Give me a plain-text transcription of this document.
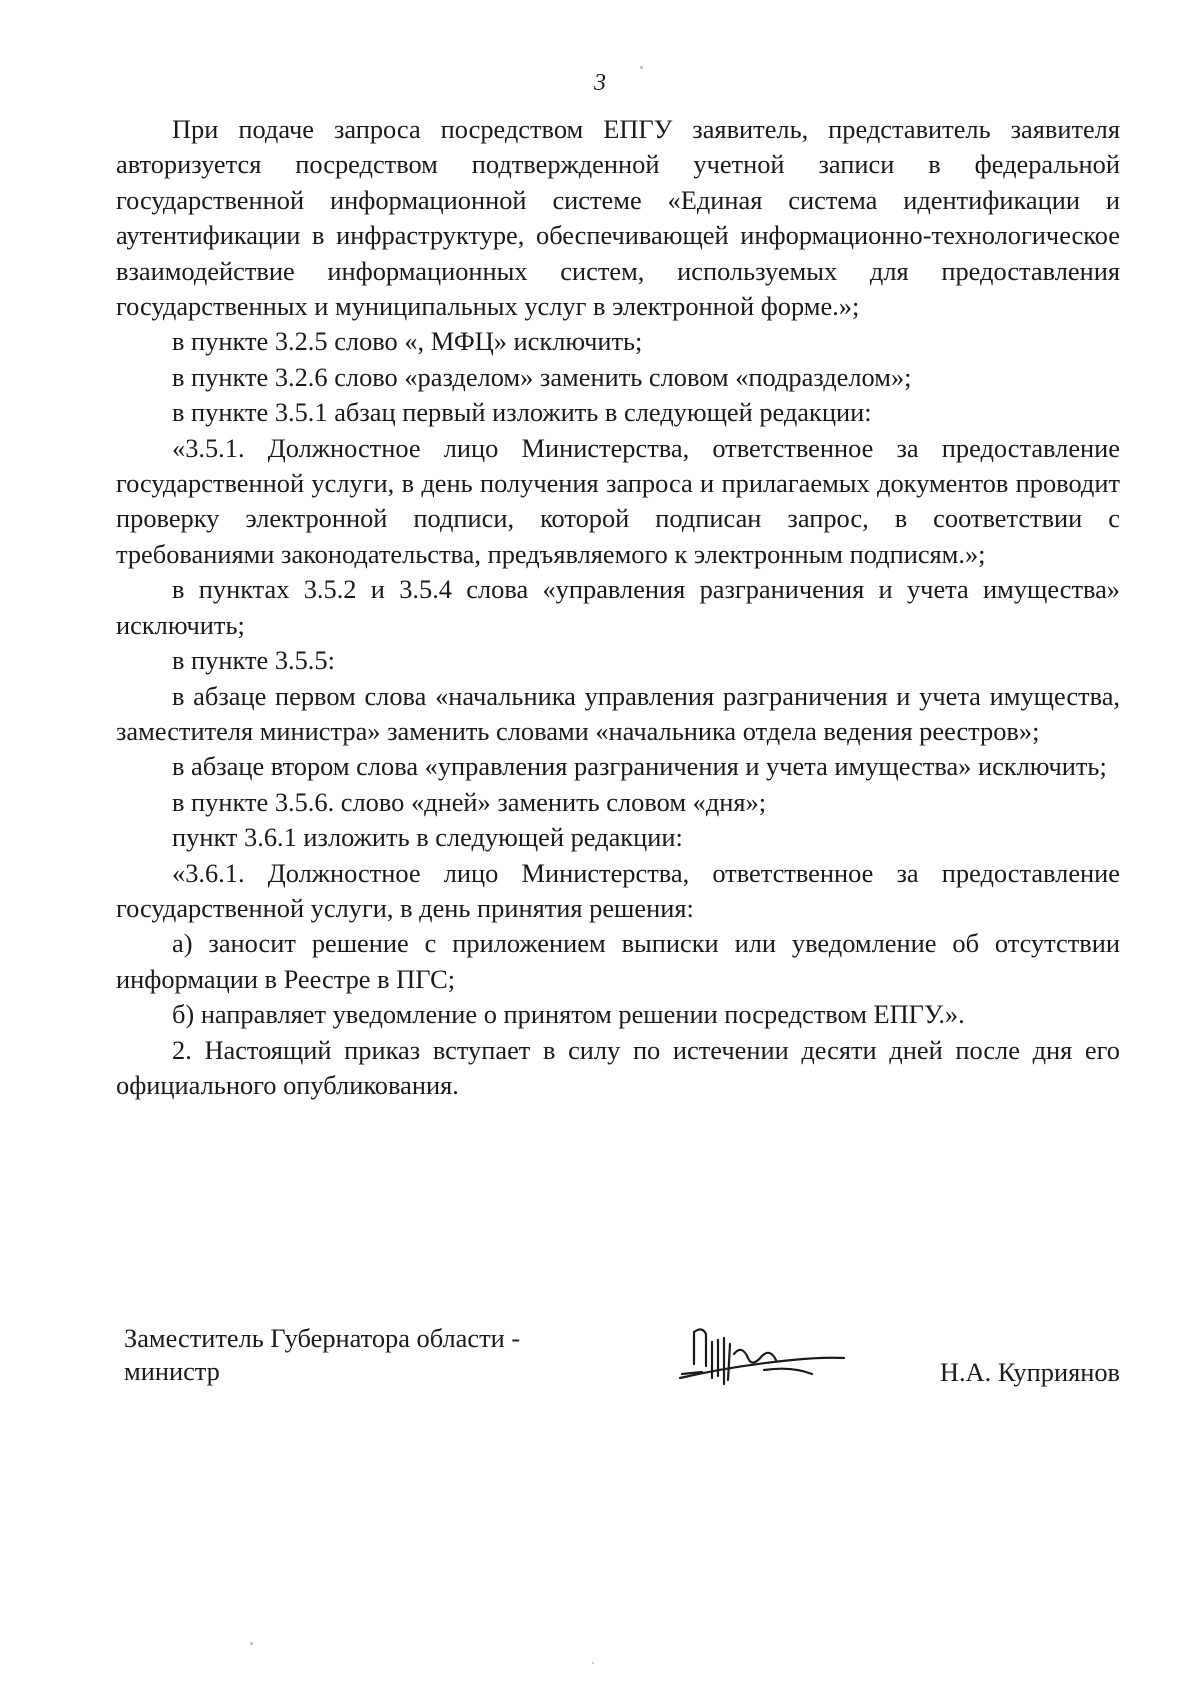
3

При подаче запроса посредством ЕПГУ заявитель, представитель заявителя авторизуется посредством подтвержденной учетной записи в федеральной государственной информационной системе «Единая система идентификации и аутентификации в инфраструктуре, обеспечивающей информационно-технологическое взаимодействие информационных систем, используемых для предоставления государственных и муниципальных услуг в электронной форме.»;

в пункте 3.2.5 слово «, МФЦ» исключить;

в пункте 3.2.6 слово «разделом» заменить словом «подразделом»;

в пункте 3.5.1 абзац первый изложить в следующей редакции:

«3.5.1. Должностное лицо Министерства, ответственное за предоставление государственной услуги, в день получения запроса и прилагаемых документов проводит проверку электронной подписи, которой подписан запрос, в соответствии с требованиями законодательства, предъявляемого к электронным подписям.»;

в пунктах 3.5.2 и 3.5.4 слова «управления разграничения и учета имущества» исключить;

в пункте 3.5.5:

в абзаце первом слова «начальника управления разграничения и учета имущества, заместителя министра» заменить словами «начальника отдела ведения реестров»;

в абзаце втором слова «управления разграничения и учета имущества» исключить;

в пункте 3.5.6. слово «дней» заменить словом «дня»;

пункт 3.6.1 изложить в следующей редакции:

«3.6.1. Должностное лицо Министерства, ответственное за предоставление государственной услуги, в день принятия решения:

а) заносит решение с приложением выписки или уведомление об отсутствии информации в Реестре в ПГС;

б) направляет уведомление о принятом решении посредством ЕПГУ.».

2. Настоящий приказ вступает в силу по истечении десяти дней после дня его официального опубликования.

Заместитель Губернатора области -
министр	Н.А. Куприянов
